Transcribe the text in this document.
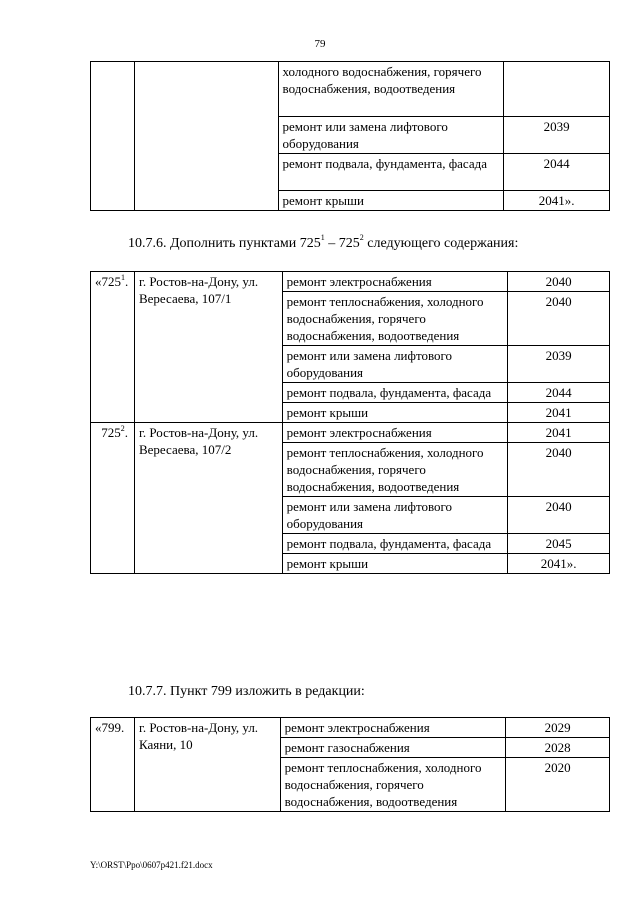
79
		холодного водоснабжения, горячего водоснабжения, водоотведения	
		ремонт или замена лифтового оборудования	2039
		ремонт подвала, фундамента, фасада	2044
		ремонт крыши	2041».
10.7.6. Дополнить пунктами $725^1 - 725^2$ следующего содержания:
«$725^1$.	г. Ростов-на-Дону, ул. Вересаева, 107/1	ремонт электроснабжения	2040
		ремонт теплоснабжения, холодного водоснабжения, горячего водоснабжения, водоотведения	2040
		ремонт или замена лифтового оборудования	2039
		ремонт подвала, фундамента, фасада	2044
		ремонт крыши	2041
$725^2$.	г. Ростов-на-Дону, ул. Вересаева, 107/2	ремонт электроснабжения	2041
		ремонт теплоснабжения, холодного водоснабжения, горячего водоснабжения, водоотведения	2040
		ремонт или замена лифтового оборудования	2040
		ремонт подвала, фундамента, фасада	2045
		ремонт крыши	2041».
10.7.7. Пункт 799 изложить в редакции:
«799.	г. Ростов-на-Дону, ул. Каяни, 10	ремонт электроснабжения	2029
		ремонт газоснабжения	2028
		ремонт теплоснабжения, холодного водоснабжения, горячего водоснабжения, водоотведения	2020
Y:\ORST\Ppo\0607p421.f21.docx
